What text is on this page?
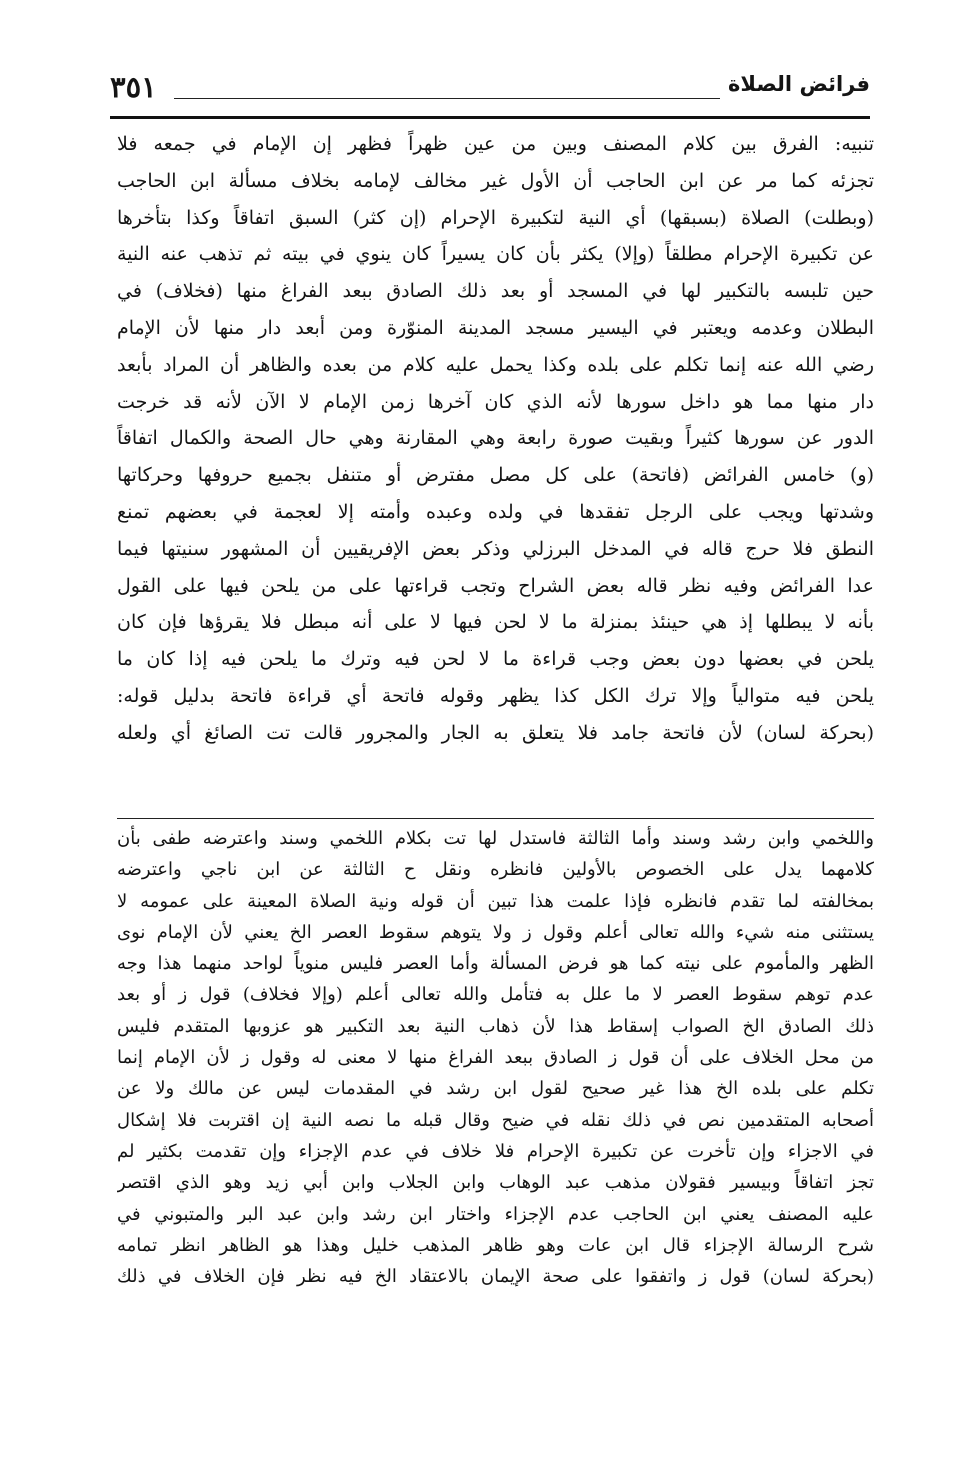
٣٥١	فرائض الصلاة
تنبيه: الفرق بين كلام المصنف وبين من عين ظهراً فظهر إن الإمام في جمعه فلا
تجزئه كما مر عن ابن الحاجب أن الأول غير مخالف لإمامه بخلاف مسألة ابن الحاجب
(وبطلت) الصلاة (بسبقها) أي النية لتكبيرة الإحرام (إن كثر) السبق اتفاقاً وكذا بتأخرها
عن تكبيرة الإحرام مطلقاً (وإلا) يكثر بأن كان يسيراً كان ينوي في بيته ثم تذهب عنه النية
حين تلبسه بالتكبير لها في المسجد أو بعد ذلك الصادق ببعد الفراغ منها (فخلاف) في
البطلان وعدمه ويعتبر في اليسير مسجد المدينة المنوّرة ومن أبعد دار منها لأن الإمام
رضي الله عنه إنما تكلم على بلده وكذا يحمل عليه كلام من بعده والظاهر أن المراد بأبعد
دار منها مما هو داخل سورها لأنه الذي كان آخرها زمن الإمام لا الآن لأنه قد خرجت
الدور عن سورها كثيراً وبقيت صورة رابعة وهي المقارنة وهي حال الصحة والكمال اتفاقاً
(و) خامس الفرائض (فاتحة) على كل مصل مفترض أو متنفل بجميع حروفها وحركاتها
وشدتها ويجب على الرجل تفقدها في ولده وعبده وأمته إلا لعجمة في بعضهم تمنع
النطق فلا حرج قاله في المدخل البرزلي وذكر بعض الإفريقيين أن المشهور سنيتها فيما
عدا الفرائض وفيه نظر قاله بعض الشراح وتجب قراءتها على من يلحن فيها على القول
بأنه لا يبطلها إذ هي حينئذ بمنزلة ما لا لحن فيها لا على أنه مبطل فلا يقرؤها فإن كان
يلحن في بعضها دون بعض وجب قراءة ما لا لحن فيه وترك ما يلحن فيه إذا كان ما
يلحن فيه متوالياً وإلا ترك الكل كذا يظهر وقوله فاتحة أي قراءة فاتحة بدليل قوله:
(بحركة لسان) لأن فاتحة جامد فلا يتعلق به الجار والمجرور قالت تت الصائغ أي ولعله
واللخمي وابن رشد وسند وأما الثالثة فاستدل لها تت بكلام اللخمي وسند واعترضه طفى بأن
كلامهما يدل على الخصوص بالأولين فانظره ونقل ح الثالثة عن ابن ناجي واعترضه
بمخالفته لما تقدم فانظره فإذا علمت هذا تبين أن قوله ونية الصلاة المعينة على عمومه لا
يستثنى منه شيء والله تعالى أعلم وقول ز ولا يتوهم سقوط العصر الخ يعني لأن الإمام نوى
الظهر والمأموم على نيته كما هو فرض المسألة وأما العصر فليس منوياً لواحد منهما هذا وجه
عدم توهم سقوط العصر لا ما علل به فتأمل والله تعالى أعلم (وإلا فخلاف) قول ز أو بعد
ذلك الصادق الخ الصواب إسقاط هذا لأن ذهاب النية بعد التكبير هو عزوبها المتقدم فليس
من محل الخلاف على أن قول ز الصادق ببعد الفراغ منها لا معنى له وقول ز لأن الإمام إنما
تكلم على بلده الخ هذا غير صحيح لقول ابن رشد في المقدمات ليس عن مالك ولا عن
أصحابه المتقدمين نص في ذلك نقله في ضيح وقال قبله ما نصه النية إن اقتربت فلا إشكال
في الاجزاء وإن تأخرت عن تكبيرة الإحرام فلا خلاف في عدم الإجزاء وإن تقدمت بكثير لم
تجز اتفاقاً وبيسير فقولان مذهب عبد الوهاب وابن الجلاب وابن أبي زيد وهو الذي اقتصر
عليه المصنف يعني ابن الحاجب عدم الإجزاء واختار ابن رشد وابن عبد البر والمتبوني في
شرح الرسالة الإجزاء قال ابن عات وهو ظاهر المذهب خليل وهذا هو الظاهر انظر تمامه
(بحركة لسان) قول ز واتفقوا على صحة الإيمان بالاعتقاد الخ فيه نظر فإن الخلاف في ذلك
